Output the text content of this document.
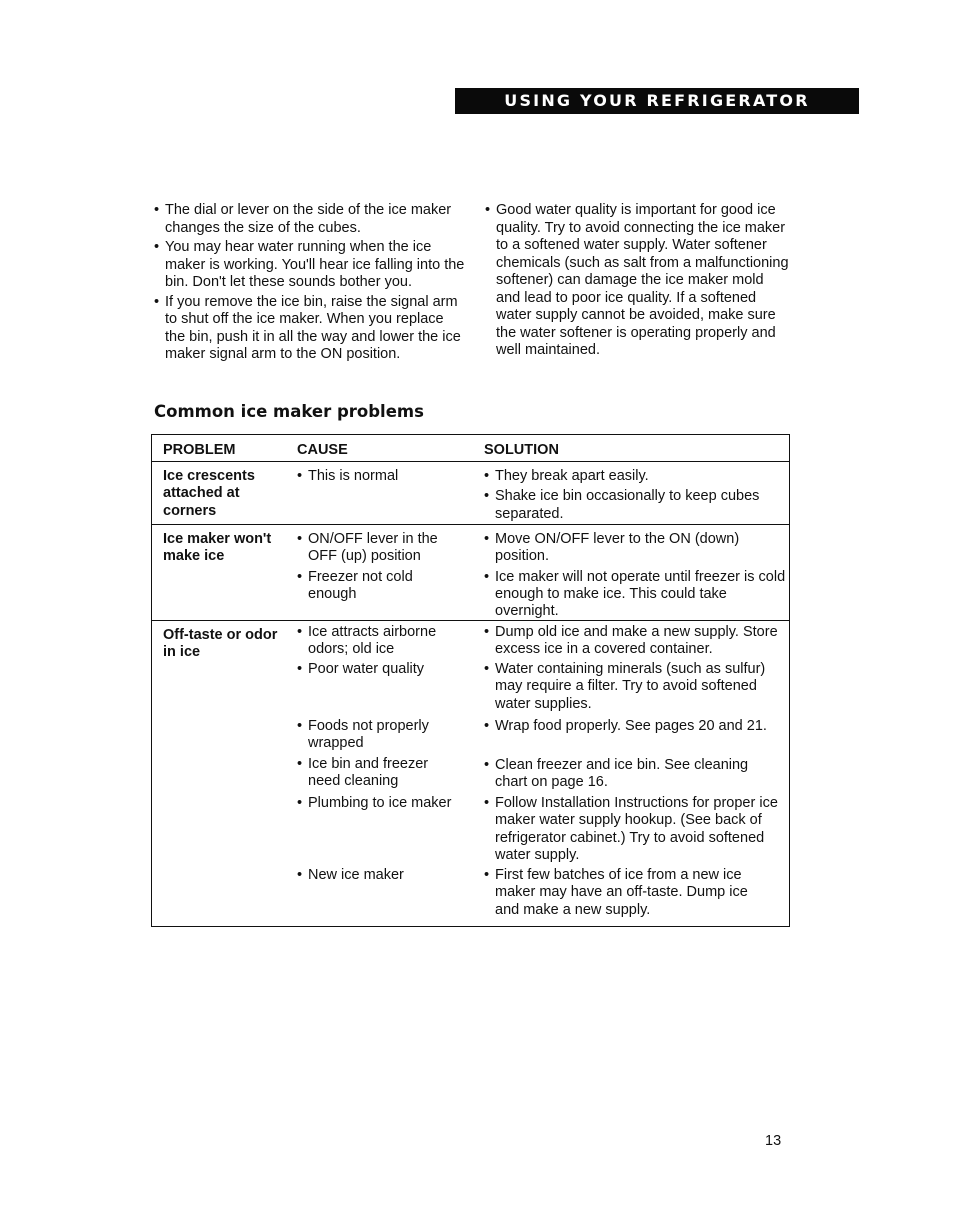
USING YOUR REFRIGERATOR
• The dial or lever on the side of the ice maker changes the size of the cubes.
• You may hear water running when the ice maker is working. You'll hear ice falling into the bin. Don't let these sounds bother you.
• If you remove the ice bin, raise the signal arm to shut off the ice maker. When you replace the bin, push it in all the way and lower the ice maker signal arm to the ON position.
• Good water quality is important for good ice quality. Try to avoid connecting the ice maker to a softened water supply. Water softener chemicals (such as salt from a malfunctioning softener) can damage the ice maker mold and lead to poor ice quality. If a softened water supply cannot be avoided, make sure the water softener is operating properly and well maintained.
Common ice maker problems
PROBLEM	CAUSE	SOLUTION
Ice crescents attached at corners
• This is normal
•	They break apart easily.
• Shake ice bin occasionally to keep cubes separated.
Ice maker won't make ice
• ON/OFF lever in the OFF (up) position
• Freezer not cold enough
• Move ON/OFF lever to the ON (down) position.
• Ice maker will not operate until freezer is cold enough to make ice. This could take overnight.
Off-taste or odor in ice
• Ice attracts airborne odors; old ice
• Poor water quality
• Foods not properly wrapped
• Ice bin and freezer need cleaning
• Plumbing to ice maker
• New ice maker
• Dump old ice and make a new supply. Store excess ice in a covered container.
• Water containing minerals (such as sulfur) may require a filter. Try to avoid softened water supplies.
• Wrap food properly. See pages 20 and 21.
• Clean freezer and ice bin. See cleaning chart on page 16.
• Follow Installation Instructions for proper ice maker water supply hookup. (See back of refrigerator cabinet.) Try to avoid softened water supply.
• First few batches of ice from a new ice maker may have an off-taste. Dump ice and make a new supply.
13
